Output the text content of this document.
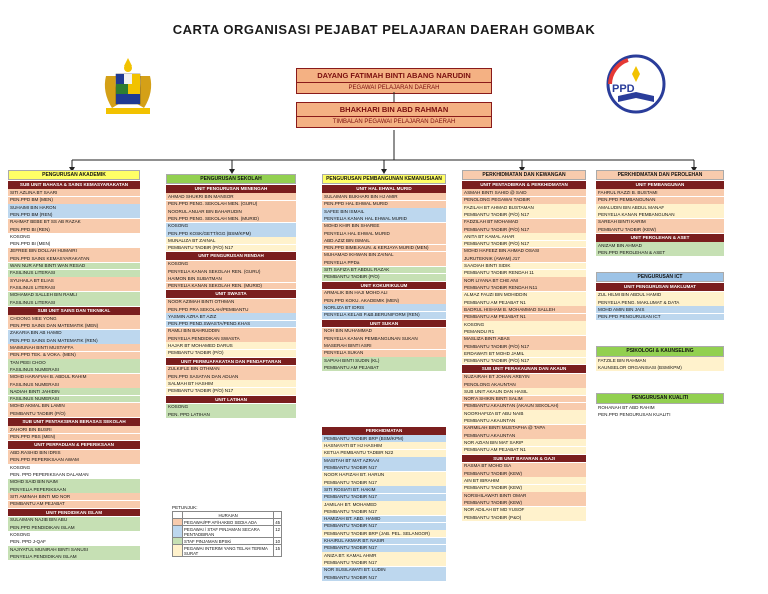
CARTA ORGANISASI PEJABAT PELAJARAN DAERAH GOMBAK
PPD
DAYANG FATIMAH BINTI ABANG NARUDIN
PEGAWAI PELAJARAN DAERAH
BHAKHARI BIN ABD RAHMAN
TIMBALAN PEGAWAI PELAJARAN DAERAH
PENGURUSAN AKADEMIK
SUB UNIT BAHASA & SAINS KEMASYARAKATAN
SITI AZLINA BT SAARI
PEN.PPD BM (MEN)
SUHAIMI BIN HARON
PEN.PPD BM (REN)
RAHMAT BEBE BT SS AB RAZAK
PEN.PPD BI (REN)
KOSONG
PEN.PPD BI (MEN)
JEFREE BIN DOLLAH HUMAIRI
PEN.PPD SAINS KEMASYARAKATAN
WAN NUR AFNI BINTI WAN RESAD
FASILINUS LITERASI
SYUHAILA BT ELIAS
FASILINUS LITERASI
MOHAMAD SALLEH BIN RAMLI
FASILINUS LITERASI
SUB UNIT SAINS DAN TEKNIKAL
CHOONG MEE YONG
PEN.PPD SAINS DAN MATEMATIK (MEN)
ZAKARIA BIN AB HAMID
PEN.PPD SAINS DAN MATEMATIK (REN)
MAIMUNAH BINTI MUSTAFFA
PEN.PPD TEK. & VOKA. (MEN)
TAN PEEI CHOO
FASILINUS NUMERASI
MOHD HARAFIAH B. ABDUL RAHIM
FASILINUS NUMERASI
NADIAH BINTI JAHIDIN
FASILINUS NUMERASI
MOHD AKMAL BIN LAMIN
PEMBANTU TADBIR (P/O)
SUB UNIT PENTAKSIRAN BERASAS SEKOLAH
ZAHORI BIN BUSRI
PEN.PPD PBS (MEN)
UNIT PERPADUAN & PEPERIKSAAN
ABD.RASHID BIN IDRIS
PEN.PPD PEPERIKSAAN AWAM
KOSONG
PEN. PPD PEPERIKSAAN DALAMAN
MOHD SAID BIN NAIM
PENYELIA PEPERIKSAAN
SITI AMINAH BINTI MD NOR
PEMBANTU AM PEJABAT
UNIT PENDIDIKAN ISLAM
SULAIMAN NAJIB BIN ABU
PEN.PPD PENDIDIKAN ISLAM
KOSONG
PEN. PPD J-QAF
NAJIYATUL MUNIRAH BINTI SANUSI
PENYELIA PENDIDIKAN ISLAM
PENGURUSAN SEKOLAH
UNIT PENGURUSAN MENENGAH
AHMAD SHUKRI BIN MANSOR
PEN.PPD PENG. SEKOLAH MEN. (GURU)
NOORUL ANUAR BIN BAHARUDIN
PEN.PPD PENG. SEKOLAH MEN. (MURID)
KOSONG
PEN.PPD KOSK/GETT/IGG (BSM/KPM)
MUNALIZA BT ZAINAL
PEMBANTU TADBIR (P/O) N17
UNIT PENGURUSAN RENDAH
KOSONG
PENYELIA KANAN SEKOLAH REN. (GURU)
HAIMON BIN SUBATMAN
PENYELIA KANAN SEKOLAH REN. (MURID)
UNIT SWASTA
NOOR AZIMAH BINTI OTHMAN
PEN.PPD PRA SEKOLAH/PEMBANTU
YASMIN AZRA BT AZIZ
PEN.PPD PEND.SWASTA/PEND.KHAS
RAMLI BIN BAHRUDDIN
PENYELIA PENDIDIKAN SWASTA
HAJAR BT MOHAMED DARUS
PEMBANTU TADBIR (P/O)
UNIT PERMUAFAKATAN DAN PENDAFTARAN
ZULKIFLE BIN OTHMAN
PEN.PPD SASATAN DAN ADUAN
SALMAH BT HASHIM
PEMBANTU TADBIR (P/O) N17
UNIT LATIHAN
KOSONG
PEN. PPD LATIHAN
PENGURUSAN PEMBANGUNAN KEMANUSIAAN
UNIT HAL EHWAL MURID
SULAIMAN BUKHARI BIN HJ AMIR
PEN.PPD HAL EHWAL MURID
SAFEE BIN ISMAIL
PENYELIA KANAN HAL EHWAL MURID
MOHD KHIR BIN SHAREE
PENYELIA HAL EHWAL MURID
ABD.AZIZ BIN ISMAIL
PEN.PPD BIMB.KAUN. & KERJAYA MURID (MEN)
MUHAMAD IKHWAN BIN ZAINAL
PENYELIA PPDa
SITI SAFIZA BT ABDUL RAZAK
PEMBANTU TADBIR (P/O)
UNIT KOKURIKULUM
ARMALIK BIN HAJI MOHD ALI
PEN.PPD KOKU. AKADEMIK (MEN)
NORLIZA BT IDRIS
PENYELIA KELAB P.&B.BERUNIFORM (REN)
UNIT SUKAN
NOH BIN MUHAMMAD
PENYELIA KANAN PEMBANGUNAN SUKAN
MASERAH BINTI ASRI
PENYELIA SUKAN
SAPIAH BINTI SUDIN (KL)
PEMBANTU AM PEJABAT
PERKHIDMATAN
PEMBANTU TADBIR BRP (BSM/KPM)
HASNAYATI BT HJ HASHIM
KETUA PEMBANTU TADBIR N22
MASITAH BT MAT AZRAAI
PEMBANTU TADBIR N17
NOOR HAFIZAH BT. HARUN
PEMBANTU TADBIR N17
SITI ROSIATI BT. HAKIM
PEMBANTU TADBIR N17
JAMILAH BT. MOHAMED
PEMBANTU TADBIR N17
HAMIZAH BT. ABD. HAMID
PEMBANTU TADBIR N17
PEMBANTU TADBIR BRP (JAB. PEL. SELANGOR)
KHAIRUL AKMAR BT. NASIR
PEMBANTU TADBIR N17
ANIZA BT. KAMAL AHMR
PEMBANTU TADBIR N17
NOR SUSILAWATI BT. LUDIN
PEMBANTU TADBIR N17
PERKHIDMATAN DAN KEWANGAN
UNIT PENTADBIRAN & PERKHIDMATAN
ASMAH BINTI SAHID @ SAID
PENOLONG PEGAWAI TADBIR
FAZILAH BT AHMAD BUSTAMAN
PEMBANTU TADBIR (P/O) N17
FADZILAH BT MOHAMAD
PEMBANTU TADBIR (P/O) N17
ANITA BT KAMAL AHAR
PEMBANTU TADBIR (P/O) N17
MOHD HAFEEZ BIN AHMAD OSASI
JURUTEKNIK (AWAM) J17
SAADIAH BINTI SIDIK
PEMBANTU TADBIR RENDAH 11
NOR LIYANA BT CHE ANI
PEMBANTU TADBIR RENDAH N11
ALMAZ FAUZI BIN MOHIDDIN
PEMBANTU AM PEJABAT N1
BADRUL HISHAM B. MOHAMMAD SALLEH
PEMBANTU AM PEJABAT N1
KOSONG
PEMANDU R1
MASLIZA BINTI ABAS
PEMBANTU TADBIR (P/O) N17
ERDAWATI BT MOHD JAMIL
PEMBANTU TADBIR (P/O) N17
SUB UNIT PERAKAUNAN DAN AKAUN
NUZAIRAH BT JOHAN ARBYIN
PENOLONG AKAUNTAN
SUB UNIT AKAUN DAN HASIL
NOR'A SHIKIN BINTI SALIM
PEMBANTU AKAUNTAN (AKAUN SEKOLAH)
NOORHAFIZA BT ABU NAIB
PEMBANTU AKAUNTAN
KARMILAH BINTI MUSTAPHA @ TAPA
PEMBANTU AKAUNTAN
NOR AZIAN BIN MAT SARIP
PEMBANTU AM PEJABAT N1
SUB UNIT BAYARAN & GAJI
RASMA BT MOHD ISA
PEMBANTU TADBIR (KEW)
AIN BT IBRAHIM
PEMBANTU TADBIR (KEW)
NORSHILAWATI BINTI OMAR
PEMBANTU TADBIR (KEW)
NOR ADILAH BT MD YUSOF
PEMBANTU TADBIR (P&O)
PERKHIDMATAN DAN PEROLEHAN
UNIT PEMBANGUNAN
FAHRUL RAZZI B. BUSTAMI
PEN.PPD PEMBANGUNAN
AMALUDIN BIN ABDUL MANAF
PENYELIA KANAN PEMBANGUNAN
SAREAH BINTI KARIM
PEMBANTU TADBIR (KEW)
UNIT PEROLEHAN & ASET
ANIZAM BIN AHMAD
PEN.PPD PEROLEHAN & ASET
PENGURUSAN ICT
UNIT PENGURUSAN MAKLUMAT
ZUL HILMI BIN ABDUL HAMID
PENYELIA PENG. MAKLUMAT & DATA
MOHD AMIN BIN JAIS
PEN.PPD PENGURUSAN ICT
PSIKOLOGI & KAUNSELING
FATZILE BIN RAHMAN
KAUNSELOR ORGANISASI (BSM/KPM)
PENGURUSAN KUALITI
ROHANAH BT ABD RAHIM
PEN.PPD PENGURUSAN KUALITI
PETUNJUK:
	HURAIAN	
	PEGAWAI/PP AF/HAKBO SEDIA ADA	45
	PEGAWAI / STAF PINJAMAN SECARA PENTADBIRAN	12
	STAF PINJAMAN BPSKi	10
	PEGAWAI INTERIM YANG TELAH TERIMA SURAT	15
